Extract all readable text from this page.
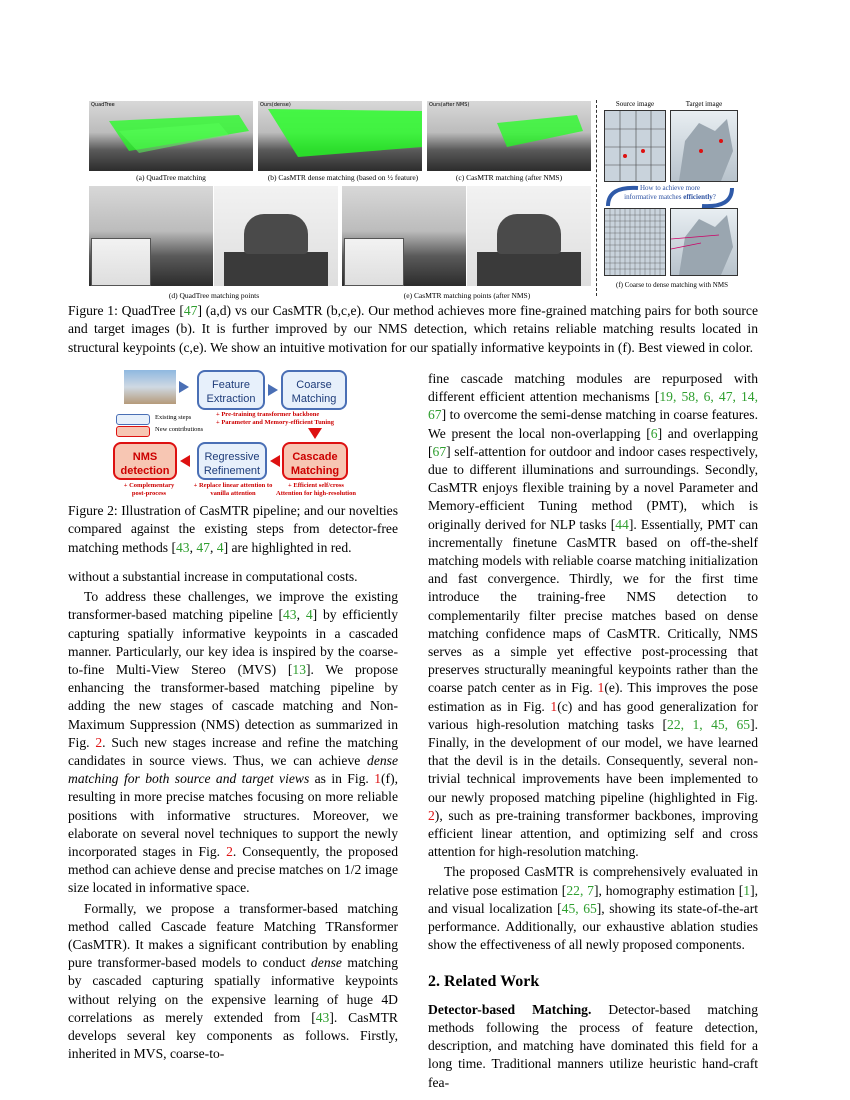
QuadTree	Ours(dense)	Ours(after NMS)
(a) QuadTree matching	(b) CasMTR dense matching (based on ½ feature)	(c) CasMTR matching (after NMS)
(d) QuadTree matching points	(e) CasMTR matching points (after NMS)
Source image	Target image
How to achieve more
informative matches efficiently?
(f) Coarse to dense matching with NMS
Figure 1: QuadTree [47] (a,d) vs our CasMTR (b,c,e). Our method achieves more fine-grained matching pairs for both source and target images (b). It is further improved by our NMS detection, which retains reliable matching results located in structural keypoints (c,e). We show an intuitive motivation for our spatially informative keypoints in (f). Best viewed in color.
Feature Extraction
Coarse Matching
Existing steps
New contributions
+ Pre-training transformer backbone
+ Parameter and Memory-efficient Tuning
NMS detection
Regressive Refinement
Cascade Matching
+ Complementary post-process
+ Replace linear attention to vanilla attention
+ Efficient self/cross Attention for high-resolution
Figure 2: Illustration of CasMTR pipeline; and our novelties compared against the existing steps from detector-free matching methods [43, 47, 4] are highlighted in red.

without a substantial increase in computational costs.

To address these challenges, we improve the existing transformer-based matching pipeline [43, 4] by efficiently capturing spatially informative keypoints in a cascaded manner. Particularly, our key idea is inspired by the coarse-to-fine Multi-View Stereo (MVS) [13]. We propose enhancing the transformer-based matching pipeline by adding the new stages of cascade matching and Non-Maximum Suppression (NMS) detection as summarized in Fig. 2. Such new stages increase and refine the matching candidates in source views. Thus, we can achieve dense matching for both source and target views as in Fig. 1(f), resulting in more precise matches focusing on more reliable positions with informative structures. Moreover, we elaborate on several novel techniques to support the newly incorporated stages in Fig. 2. Consequently, the proposed method can achieve dense and precise matches on 1/2 image size located in informative space.

Formally, we propose a transformer-based matching method called Cascade feature Matching TRansformer (CasMTR). It makes a significant contribution by enabling pure transformer-based models to conduct dense matching by cascaded capturing spatially informative keypoints without relying on the expensive learning of huge 4D correlations as merely extended from [43]. CasMTR develops several key components as follows. Firstly, inherited in MVS, coarse-to-

fine cascade matching modules are repurposed with different efficient attention mechanisms [19, 58, 6, 47, 14, 67] to overcome the semi-dense matching in coarse features. We present the local non-overlapping [6] and overlapping [67] self-attention for outdoor and indoor cases respectively, due to different illuminations and surroundings. Secondly, CasMTR enjoys flexible training by a novel Parameter and Memory-efficient Tuning method (PMT), which is originally derived for NLP tasks [44]. Essentially, PMT can incrementally finetune CasMTR based on off-the-shelf matching models with reliable coarse matching initialization and fast convergence. Thirdly, we for the first time introduce the training-free NMS detection to complementarily filter precise matches based on dense matching confidence maps of CasMTR. Critically, NMS serves as a simple yet effective post-processing that preserves structurally meaningful keypoints rather than the coarse patch center as in Fig. 1(e). This improves the pose estimation as in Fig. 1(c) and has good generalization for various high-resolution matching tasks [22, 1, 45, 65]. Finally, in the development of our model, we have learned that the devil is in the details. Consequently, several non-trivial technical improvements have been implemented to our newly proposed matching pipeline (highlighted in Fig. 2), such as pre-training transformer backbones, improving efficient linear attention, and optimizing self and cross attention for high-resolution matching.

The proposed CasMTR is comprehensively evaluated in relative pose estimation [22, 7], homography estimation [1], and visual localization [45, 65], showing its state-of-the-art performance. Additionally, our exhaustive ablation studies show the effectiveness of all newly proposed components.

2. Related Work

Detector-based Matching. Detector-based matching methods following the process of feature detection, description, and matching have dominated this field for a long time. Traditional manners utilize heuristic hand-craft fea-
